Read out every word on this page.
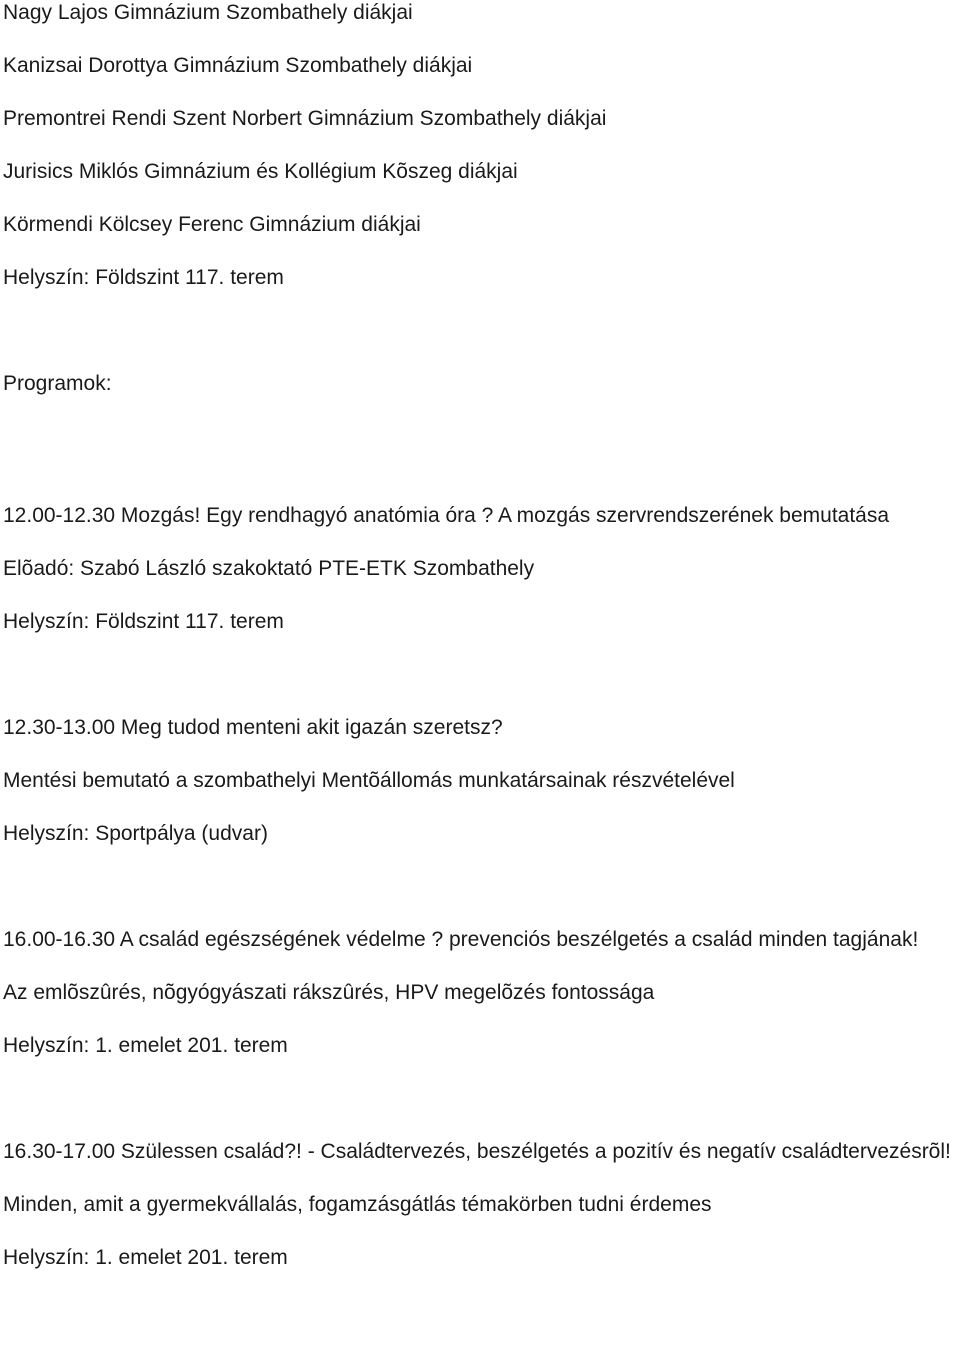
Nagy Lajos Gimnázium Szombathely diákjai

Kanizsai Dorottya Gimnázium Szombathely diákjai

Premontrei Rendi Szent Norbert Gimnázium Szombathely diákjai

Jurisics Miklós Gimnázium és Kollégium Kõszeg diákjai

Körmendi Kölcsey Ferenc Gimnázium diákjai

Helyszín: Földszint 117. terem

Programok:

12.00-12.30 Mozgás! Egy rendhagyó anatómia óra ? A mozgás szervrendszerének bemutatása

Elõadó: Szabó László szakoktató PTE-ETK Szombathely

Helyszín: Földszint 117. terem

12.30-13.00 Meg tudod menteni akit igazán szeretsz?

Mentési bemutató a szombathelyi Mentõállomás munkatársainak részvételével

Helyszín: Sportpálya (udvar)

16.00-16.30 A család egészségének védelme ? prevenciós beszélgetés a család minden tagjának!

Az emlõszûrés, nõgyógyászati rákszûrés, HPV megelõzés fontossága

Helyszín: 1. emelet 201. terem

16.30-17.00 Szülessen család?! - Családtervezés, beszélgetés a pozitív és negatív családtervezésrõl!

Minden, amit a gyermekvállalás, fogamzásgátlás témakörben tudni érdemes

Helyszín: 1. emelet 201. terem
